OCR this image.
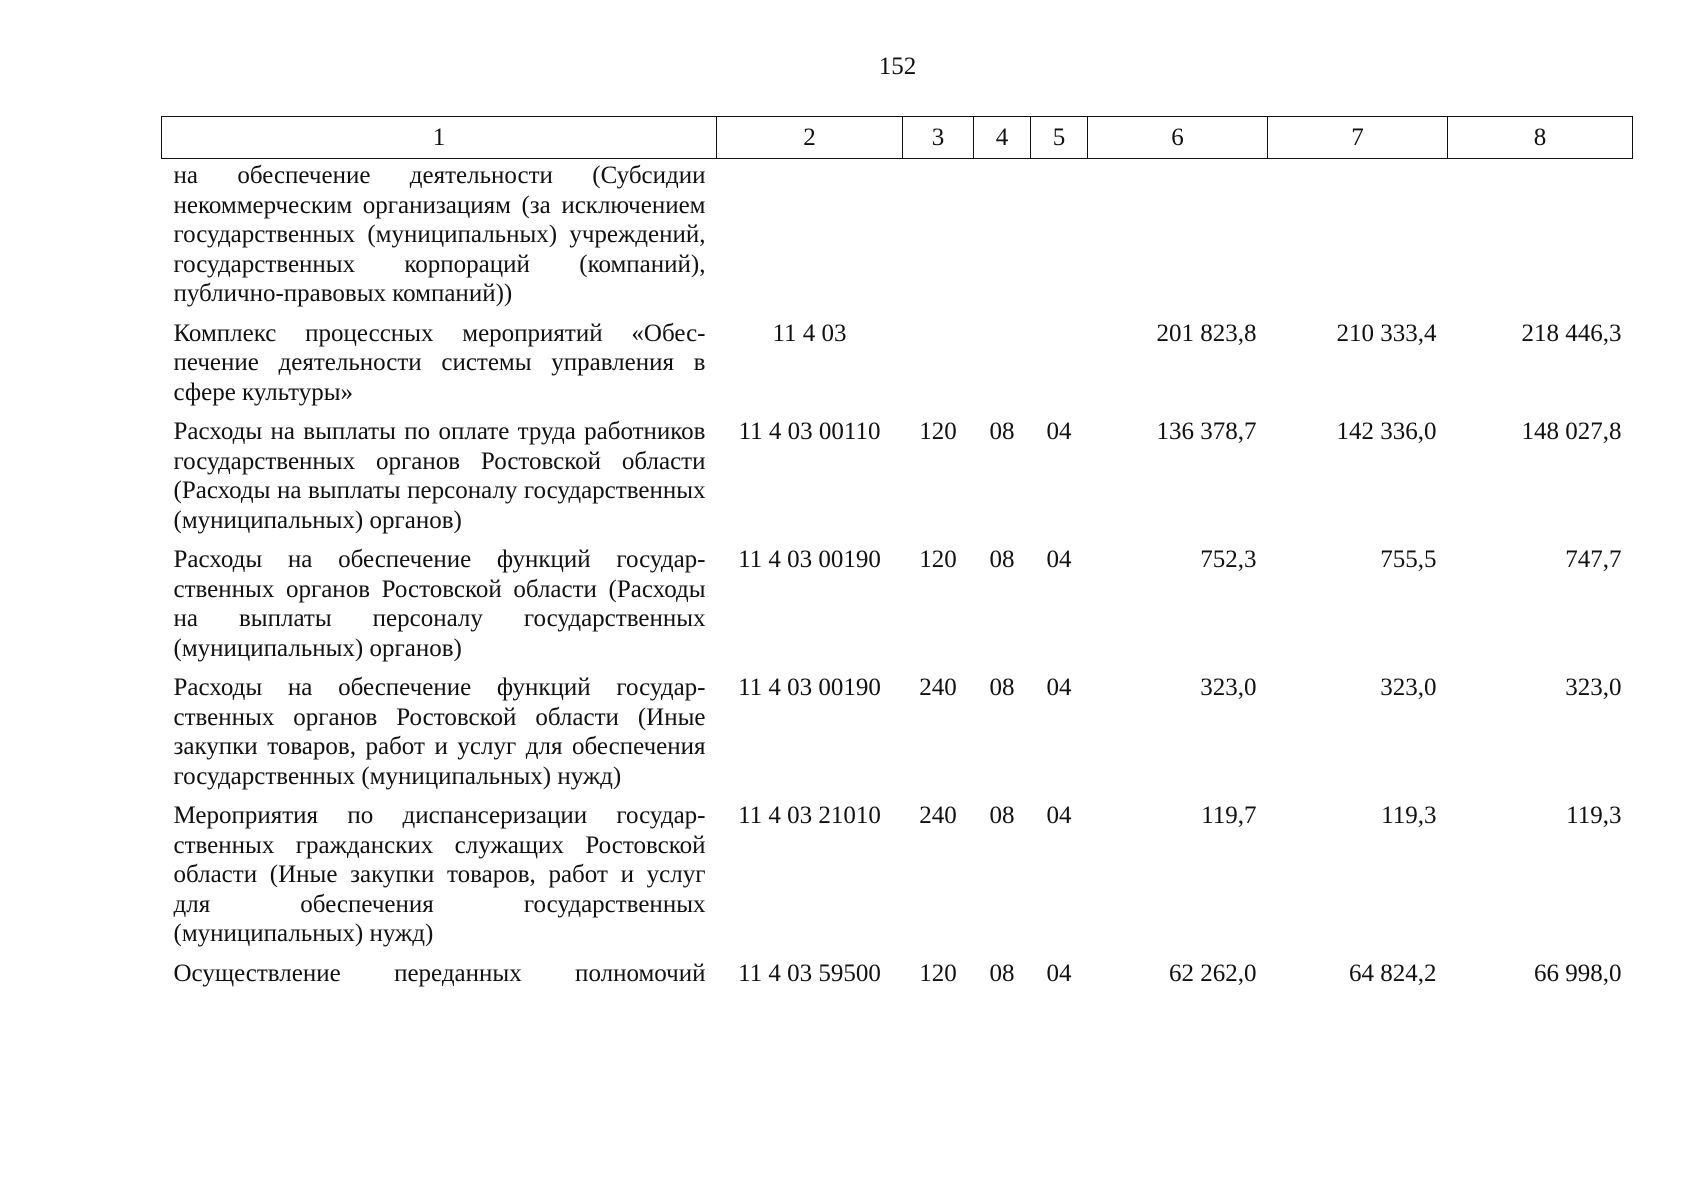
152
1	2	3	4	5	6	7	8
на обеспечение деятельности (Субсидии некоммерческим организациям (за исключением государственных (муниципальных) учреждений, государственных корпораций (компаний), публично-правовых компаний))							
Комплекс процессных мероприятий «Обеспечение деятельности системы управления в сфере культуры»	11 4 03				201 823,8	210 333,4	218 446,3
Расходы на выплаты по оплате труда работников государственных органов Ростовской области (Расходы на выплаты персоналу государственных (муниципальных) органов)	11 4 03 00110	120	08	04	136 378,7	142 336,0	148 027,8
Расходы на обеспечение функций государственных органов Ростовской области (Расходы на выплаты персоналу государственных (муниципальных) органов)	11 4 03 00190	120	08	04	752,3	755,5	747,7
Расходы на обеспечение функций государственных органов Ростовской области (Иные закупки товаров, работ и услуг для обеспечения государственных (муниципальных) нужд)	11 4 03 00190	240	08	04	323,0	323,0	323,0
Мероприятия по диспансеризации государственных гражданских служащих Ростовской области (Иные закупки товаров, работ и услуг для обеспечения государственных (муниципальных) нужд)	11 4 03 21010	240	08	04	119,7	119,3	119,3
Осуществление переданных полномочий	11 4 03 59500	120	08	04	62 262,0	64 824,2	66 998,0
